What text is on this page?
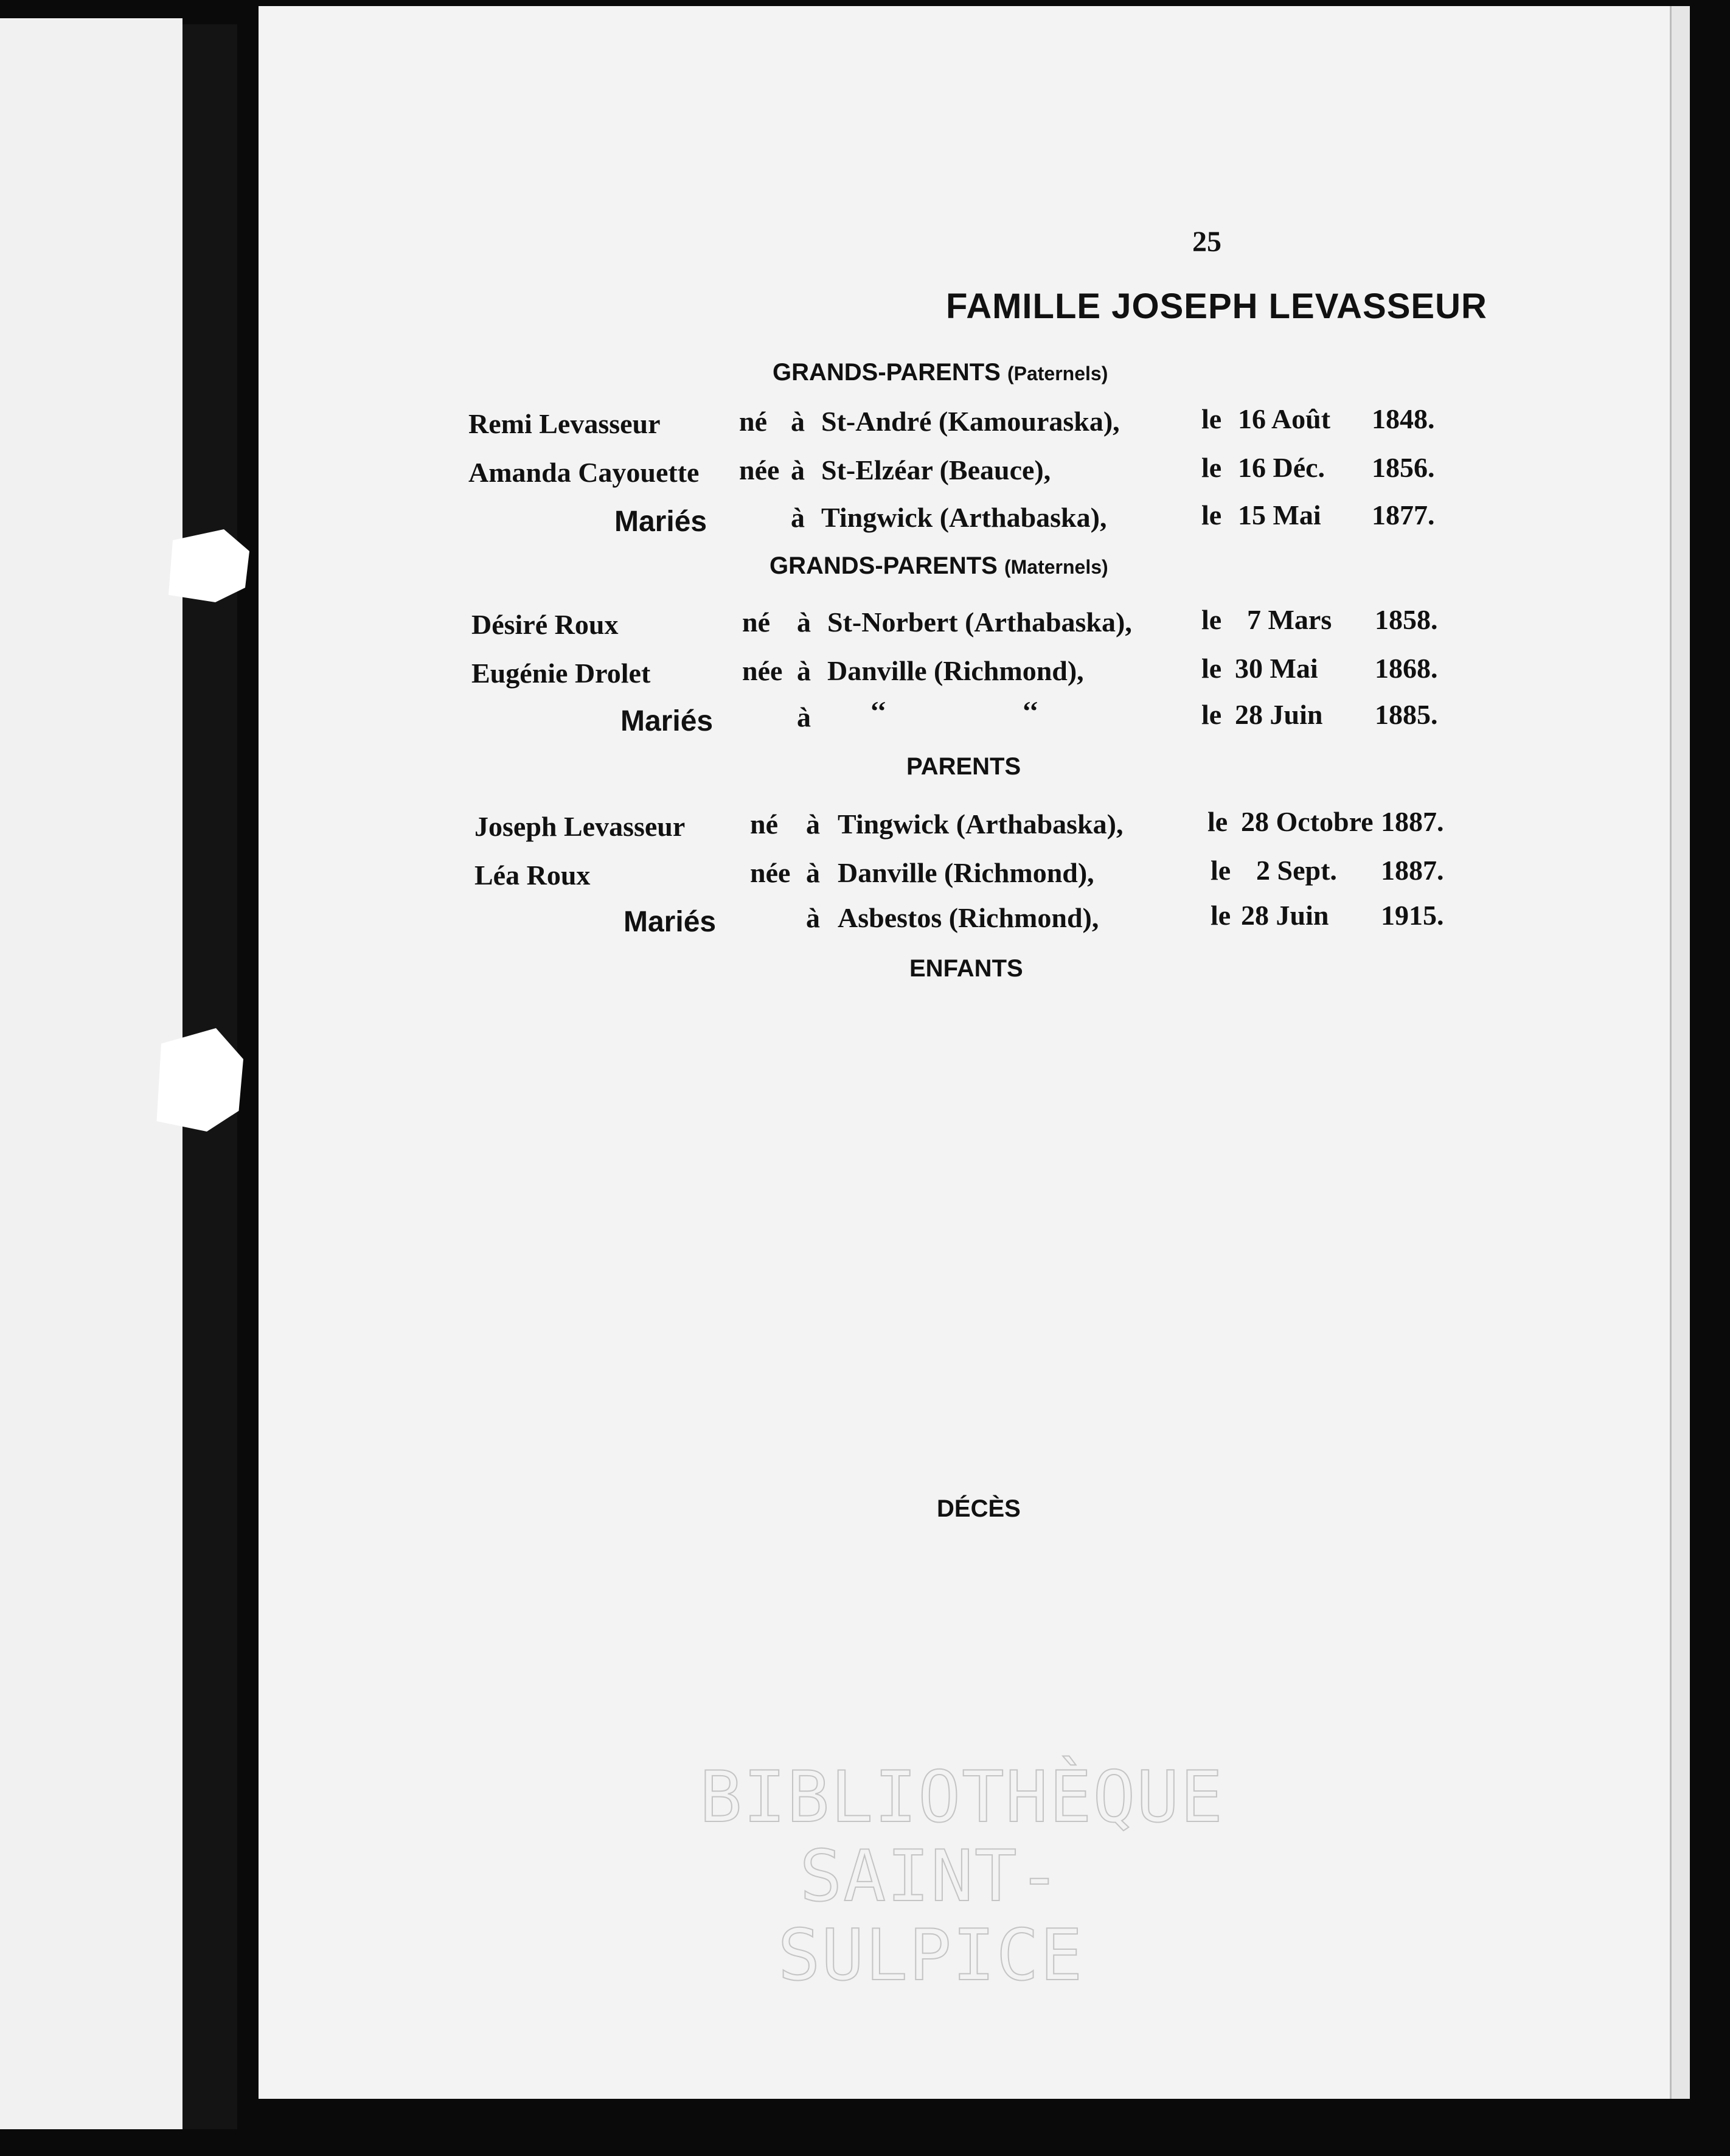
25
FAMILLE JOSEPH LEVASSEUR
GRANDS-PARENTS (Paternels)
Remi Levasseur	né à St-André (Kamouraska),	le 16 Août 1848.
Amanda Cayouette née à St-Elzéar (Beauce),	le 16 Déc. 1856.
Mariés	à Tingwick (Arthabaska),	le 15 Mai 1877.
GRANDS-PARENTS (Maternels)
Désiré Roux	né à St-Norbert (Arthabaska), le 7 Mars 1858.
Eugénie Drolet	née à Danville (Richmond),	le 30 Mai 1868.
Mariés	à ‘‘	‘‘	le 28 Juin 1885.
PARENTS
Joseph Levasseur né à Tingwick (Arthabaska),	le 28 Octobre 1887.
Léa Roux	née à Danville (Richmond),	le 2 Sept. 1887.
Mariés	à Asbestos (Richmond),	le 28 Juin 1915.
ENFANTS
DÉCÈS
BIBLIOTHÈQUE
SAINT-SULPICE
